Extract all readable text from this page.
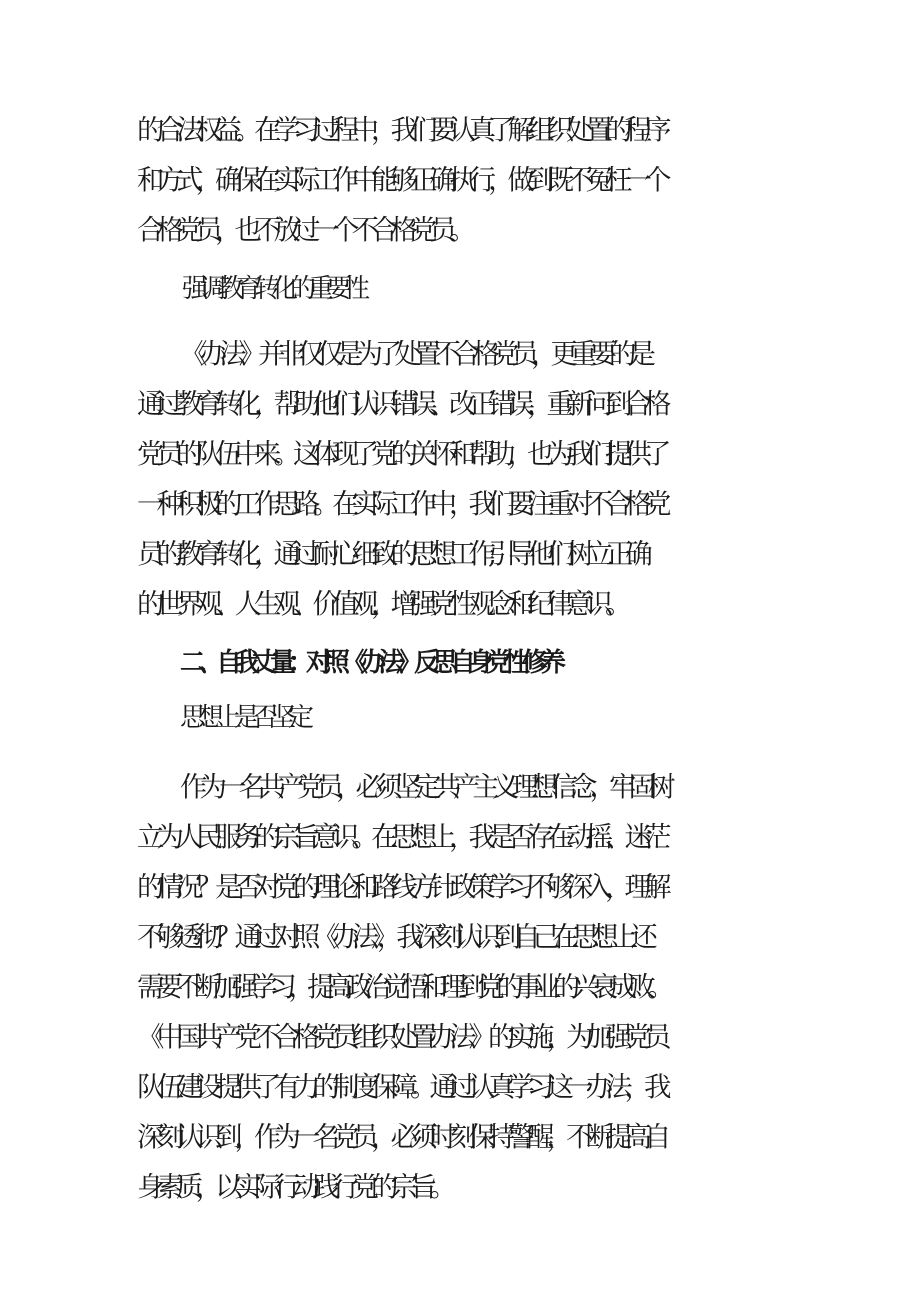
的合法权益。在学习过程中，我们要认真了解组织处置的程序
和方式，确保在实际工作中能够正确执行，做到既不冤枉一个
合格党员，也不放过一个不合格党员。
强调教育转化的重要性
《办法》并非仅仅是为了处置不合格党员，更重要的是
通过教育转化，帮助他们认识错误、改正错误，重新问到合格
党员的队伍中来。这体现了党的关怀和帮助，也为我们提供了
一种积极的工作思路。在实际工作中，我们要注重对不合格党
员的教育转化，通过耐心细致的思想工作,引导他们树立正确
的世界观、人生观、价值观，增强党性观念和纪律意识。
二、自我丈量：对照《办法》反思自身党性修养
思想上是否坚定
作为一名共产党员，必须坚定共产主义理想信念，牢固树
立为人民服务的宗旨意识。在思想上，我是否存在动摇、迷茫
的情况？是否对党的理论和路线方针政策学习不够深入，理解
不够透彻？通过对照《办法》，我深刻认识到自己在思想上还
需要不断加强学习，提高政治觉悟和理到党的事业的兴衰成败。
《中国共产党不合格党员组织处置办法》的实施，为加强党员
队伍建设提供了有力的制度保障。通过认真学习这一办法，我
深刻认识到，作为一名党员，必须时刻保持警醒，不断提高自
身素质，以实际行动践行党的宗旨。
